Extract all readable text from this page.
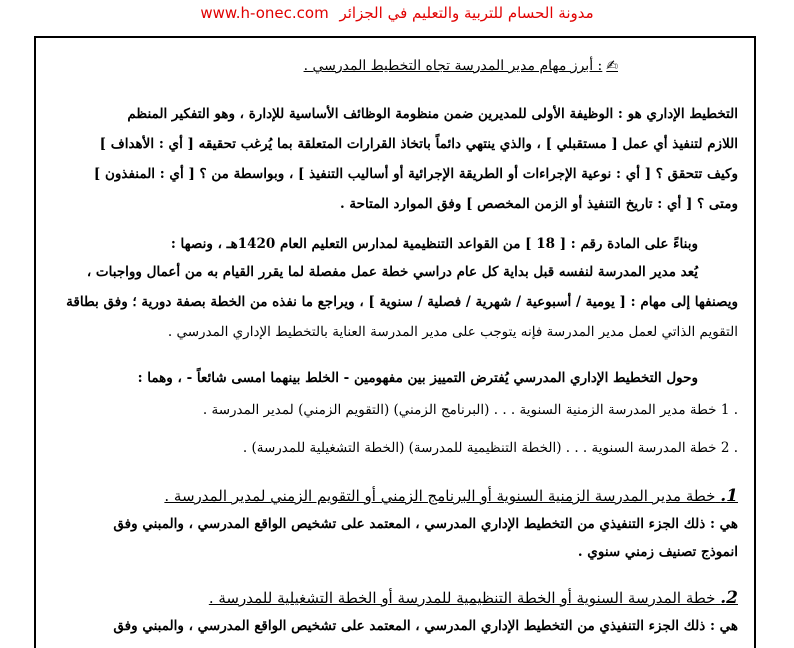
www.h-onec.com مدونة الحسام للتربية والتعليم في الجزائر
✍: أبرز مهام مدير المدرسة تجاه التخطيط المدرسي .
التخطيط الإداري هو : الوظيفة الأولى للمديرين ضمن منظومة الوظائف الأساسية للإدارة ، وهو التفكير المنظم
اللازم لتنفيذ أي عمل [ مستقبلي ] ، والذي ينتهي دائماً باتخاذ القرارات المتعلقة بما يُرغب تحقيقه [ أي : الأهداف ]
وكيف تتحقق ؟ [ أي : نوعية الإجراءات أو الطريقة الإجرائية أو أساليب التنفيذ ] ، وبواسطة من ؟ [ أي : المنفذون ]
ومتى ؟ [ أي : تاريخ التنفيذ أو الزمن المخصص ] وفق الموارد المتاحة .
وبناءً على المادة رقم : [ 18 ] من القواعد التنظيمية لمدارس التعليم العام 1420هـ ، ونصها :
يُعد مدير المدرسة لنفسه قبل بداية كل عام دراسي خطة عمل مفصلة لما يقرر القيام به من أعمال وواجبات ،
ويصنفها إلى مهام : [ يومية / أسبوعية / شهرية / فصلية / سنوية ] ، ويراجع ما نفذه من الخطة بصفة دورية ؛ وفق بطاقة
التقويم الذاتي لعمل مدير المدرسة فإنه يتوجب على مدير المدرسة العناية بالتخطيط الإداري المدرسي .
وحول التخطيط الإداري المدرسي يُفترض التمييز بين مفهومين - الخلط بينهما امسى شائعاً - ، وهما :
1 . خطة مدير المدرسة الزمنية السنوية . . . (البرنامج الزمني) (التقويم الزمني) لمدير المدرسة .
2 . خطة المدرسة السنوية . . . (الخطة التنظيمية للمدرسة) (الخطة التشغيلية للمدرسة) .
1. خطة مدير المدرسة الزمنية السنوية أو البرنامج الزمني أو التقويم الزمني لمدير المدرسة .
هي : ذلك الجزء التنفيذي من التخطيط الإداري المدرسي ، المعتمد على تشخيص الواقع المدرسي ، والمبني وفق
انموذج تصنيف زمني سنوي .
2. خطة المدرسة السنوية أو الخطة التنظيمية للمدرسة أو الخطة التشغيلية للمدرسة .
هي : ذلك الجزء التنفيذي من التخطيط الإداري المدرسي ، المعتمد على تشخيص الواقع المدرسي ، والمبني وفق
